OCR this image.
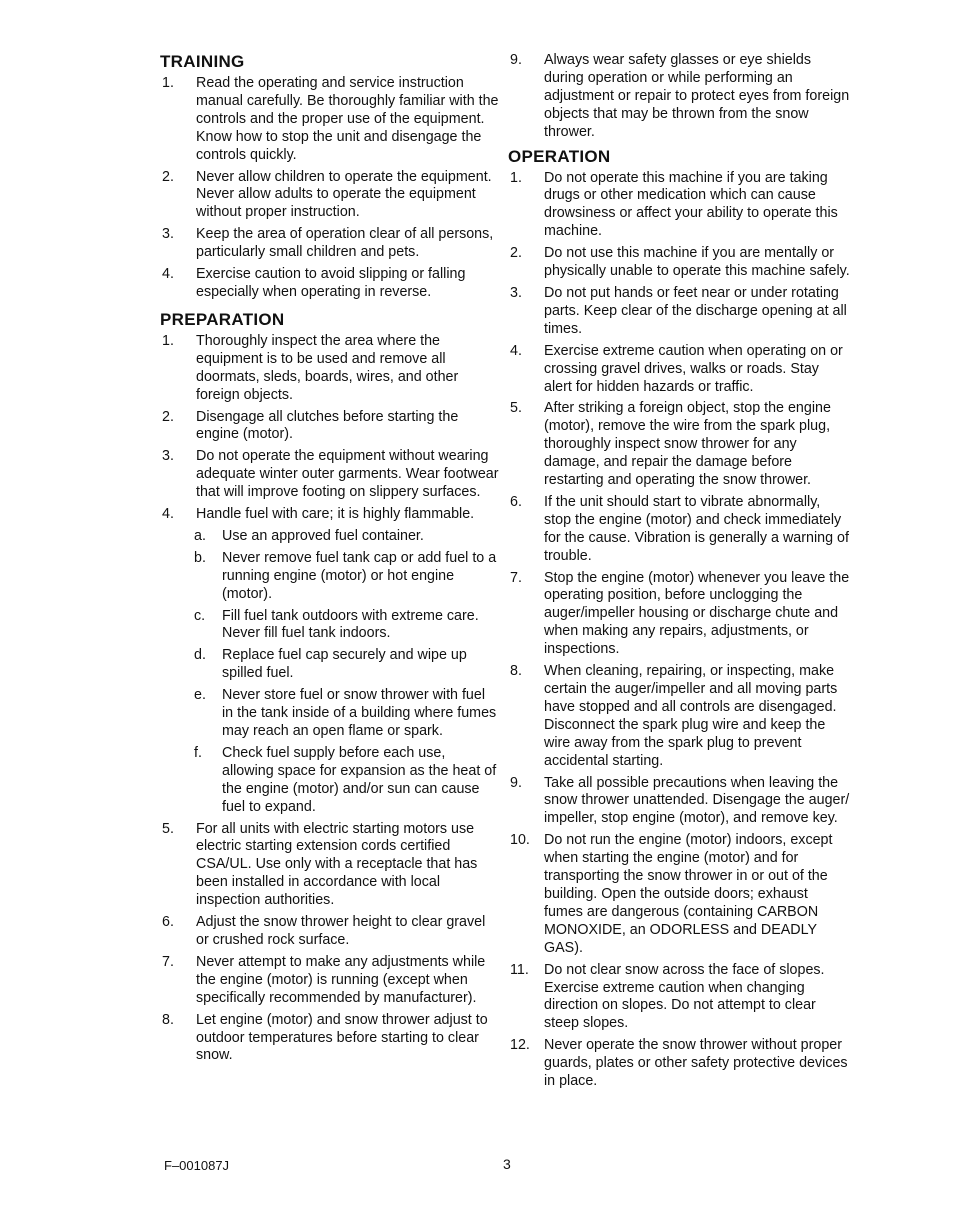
TRAINING
1. Read the operating and service instruction manual carefully. Be thoroughly familiar with the controls and the proper use of the equipment. Know how to stop the unit and disengage the controls quickly.
2. Never allow children to operate the equipment. Never allow adults to operate the equipment without proper instruction.
3. Keep the area of operation clear of all persons, particularly small children and pets.
4. Exercise caution to avoid slipping or falling especially when operating in reverse.
PREPARATION
1. Thoroughly inspect the area where the equipment is to be used and remove all doormats, sleds, boards, wires, and other foreign objects.
2. Disengage all clutches before starting the engine (motor).
3. Do not operate the equipment without wearing adequate winter outer garments. Wear footwear that will improve footing on slippery surfaces.
4. Handle fuel with care; it is highly flammable.
a. Use an approved fuel container.
b. Never remove fuel tank cap or add fuel to a running engine (motor) or hot engine (motor).
c. Fill fuel tank outdoors with extreme care. Never fill fuel tank indoors.
d. Replace fuel cap securely and wipe up spilled fuel.
e. Never store fuel or snow thrower with fuel in the tank inside of a building where fumes may reach an open flame or spark.
f. Check fuel supply before each use, allowing space for expansion as the heat of the engine (motor) and/or sun can cause fuel to expand.
5. For all units with electric starting motors use electric starting extension cords certified CSA/UL. Use only with a receptacle that has been installed in accordance with local inspection authorities.
6. Adjust the snow thrower height to clear gravel or crushed rock surface.
7. Never attempt to make any adjustments while the engine (motor) is running (except when specifically recommended by manufacturer).
8. Let engine (motor) and snow thrower adjust to outdoor temperatures before starting to clear snow.
9. Always wear safety glasses or eye shields during operation or while performing an adjustment or repair to protect eyes from foreign objects that may be thrown from the snow thrower.
OPERATION
1. Do not operate this machine if you are taking drugs or other medication which can cause drowsiness or affect your ability to operate this machine.
2. Do not use this machine if you are mentally or physically unable to operate this machine safely.
3. Do not put hands or feet near or under rotating parts. Keep clear of the discharge opening at all times.
4. Exercise extreme caution when operating on or crossing gravel drives, walks or roads. Stay alert for hidden hazards or traffic.
5. After striking a foreign object, stop the engine (motor), remove the wire from the spark plug, thoroughly inspect snow thrower for any damage, and repair the damage before restarting and operating the snow thrower.
6. If the unit should start to vibrate abnormally, stop the engine (motor) and check immediately for the cause. Vibration is generally a warning of trouble.
7. Stop the engine (motor) whenever you leave the operating position, before unclogging the auger/impeller housing or discharge chute and when making any repairs, adjustments, or inspections.
8. When cleaning, repairing, or inspecting, make certain the auger/impeller and all moving parts have stopped and all controls are disengaged. Disconnect the spark plug wire and keep the wire away from the spark plug to prevent accidental starting.
9. Take all possible precautions when leaving the snow thrower unattended. Disengage the auger/ impeller, stop engine (motor), and remove key.
10. Do not run the engine (motor) indoors, except when starting the engine (motor) and for transporting the snow thrower in or out of the building. Open the outside doors; exhaust fumes are dangerous (containing CARBON MONOXIDE, an ODORLESS and DEADLY GAS).
11. Do not clear snow across the face of slopes. Exercise extreme caution when changing direction on slopes. Do not attempt to clear steep slopes.
12. Never operate the snow thrower without proper guards, plates or other safety protective devices in place.
F–001087J	3
